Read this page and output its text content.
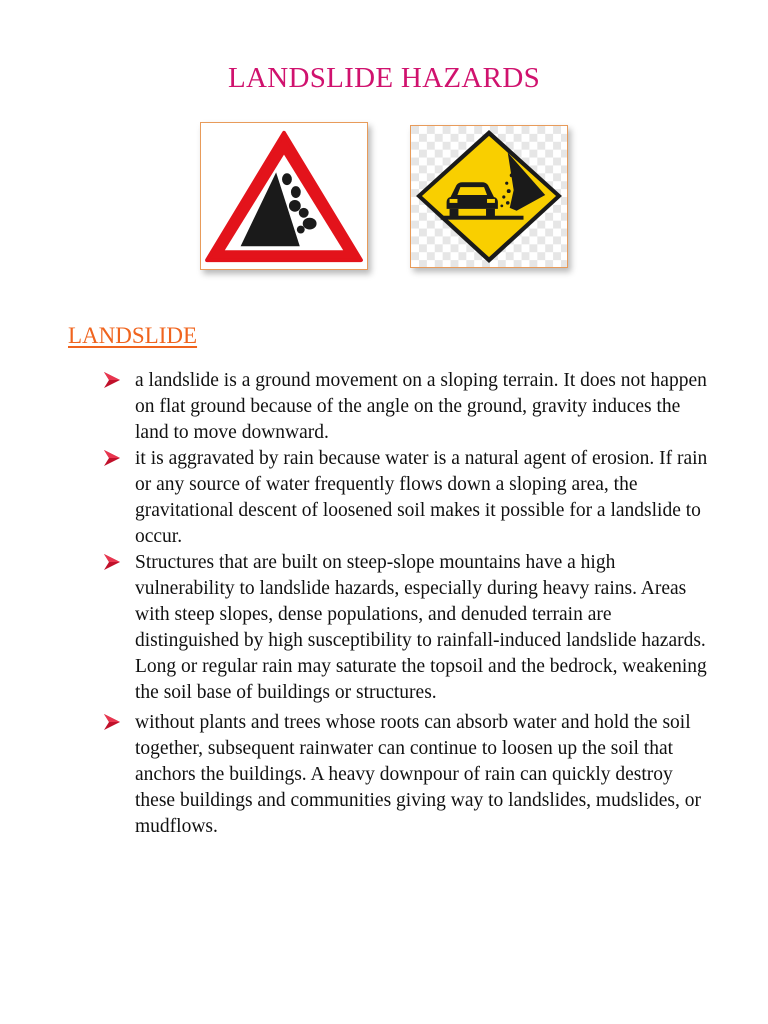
LANDSLIDE HAZARDS
LANDSLIDE
a landslide is a ground movement on a sloping terrain. It does not happen on flat ground because of the angle on the ground, gravity induces the land to move downward.
it is aggravated by rain because water is a natural agent of erosion. If rain or any source of water frequently flows down a sloping area, the gravitational descent of loosened soil makes it possible for a landslide to occur.
Structures that are built on steep-slope mountains have a high vulnerability to landslide hazards, especially during heavy rains. Areas with steep slopes, dense populations, and denuded terrain are distinguished by high susceptibility to rainfall-induced landslide hazards. Long or regular rain may saturate the topsoil and the bedrock, weakening the soil base of buildings or structures.
without plants and trees whose roots can absorb water and hold the soil together, subsequent rainwater can continue to loosen up the soil that anchors the buildings. A heavy downpour of rain can quickly destroy these buildings and communities giving way to landslides, mudslides, or mudflows.
